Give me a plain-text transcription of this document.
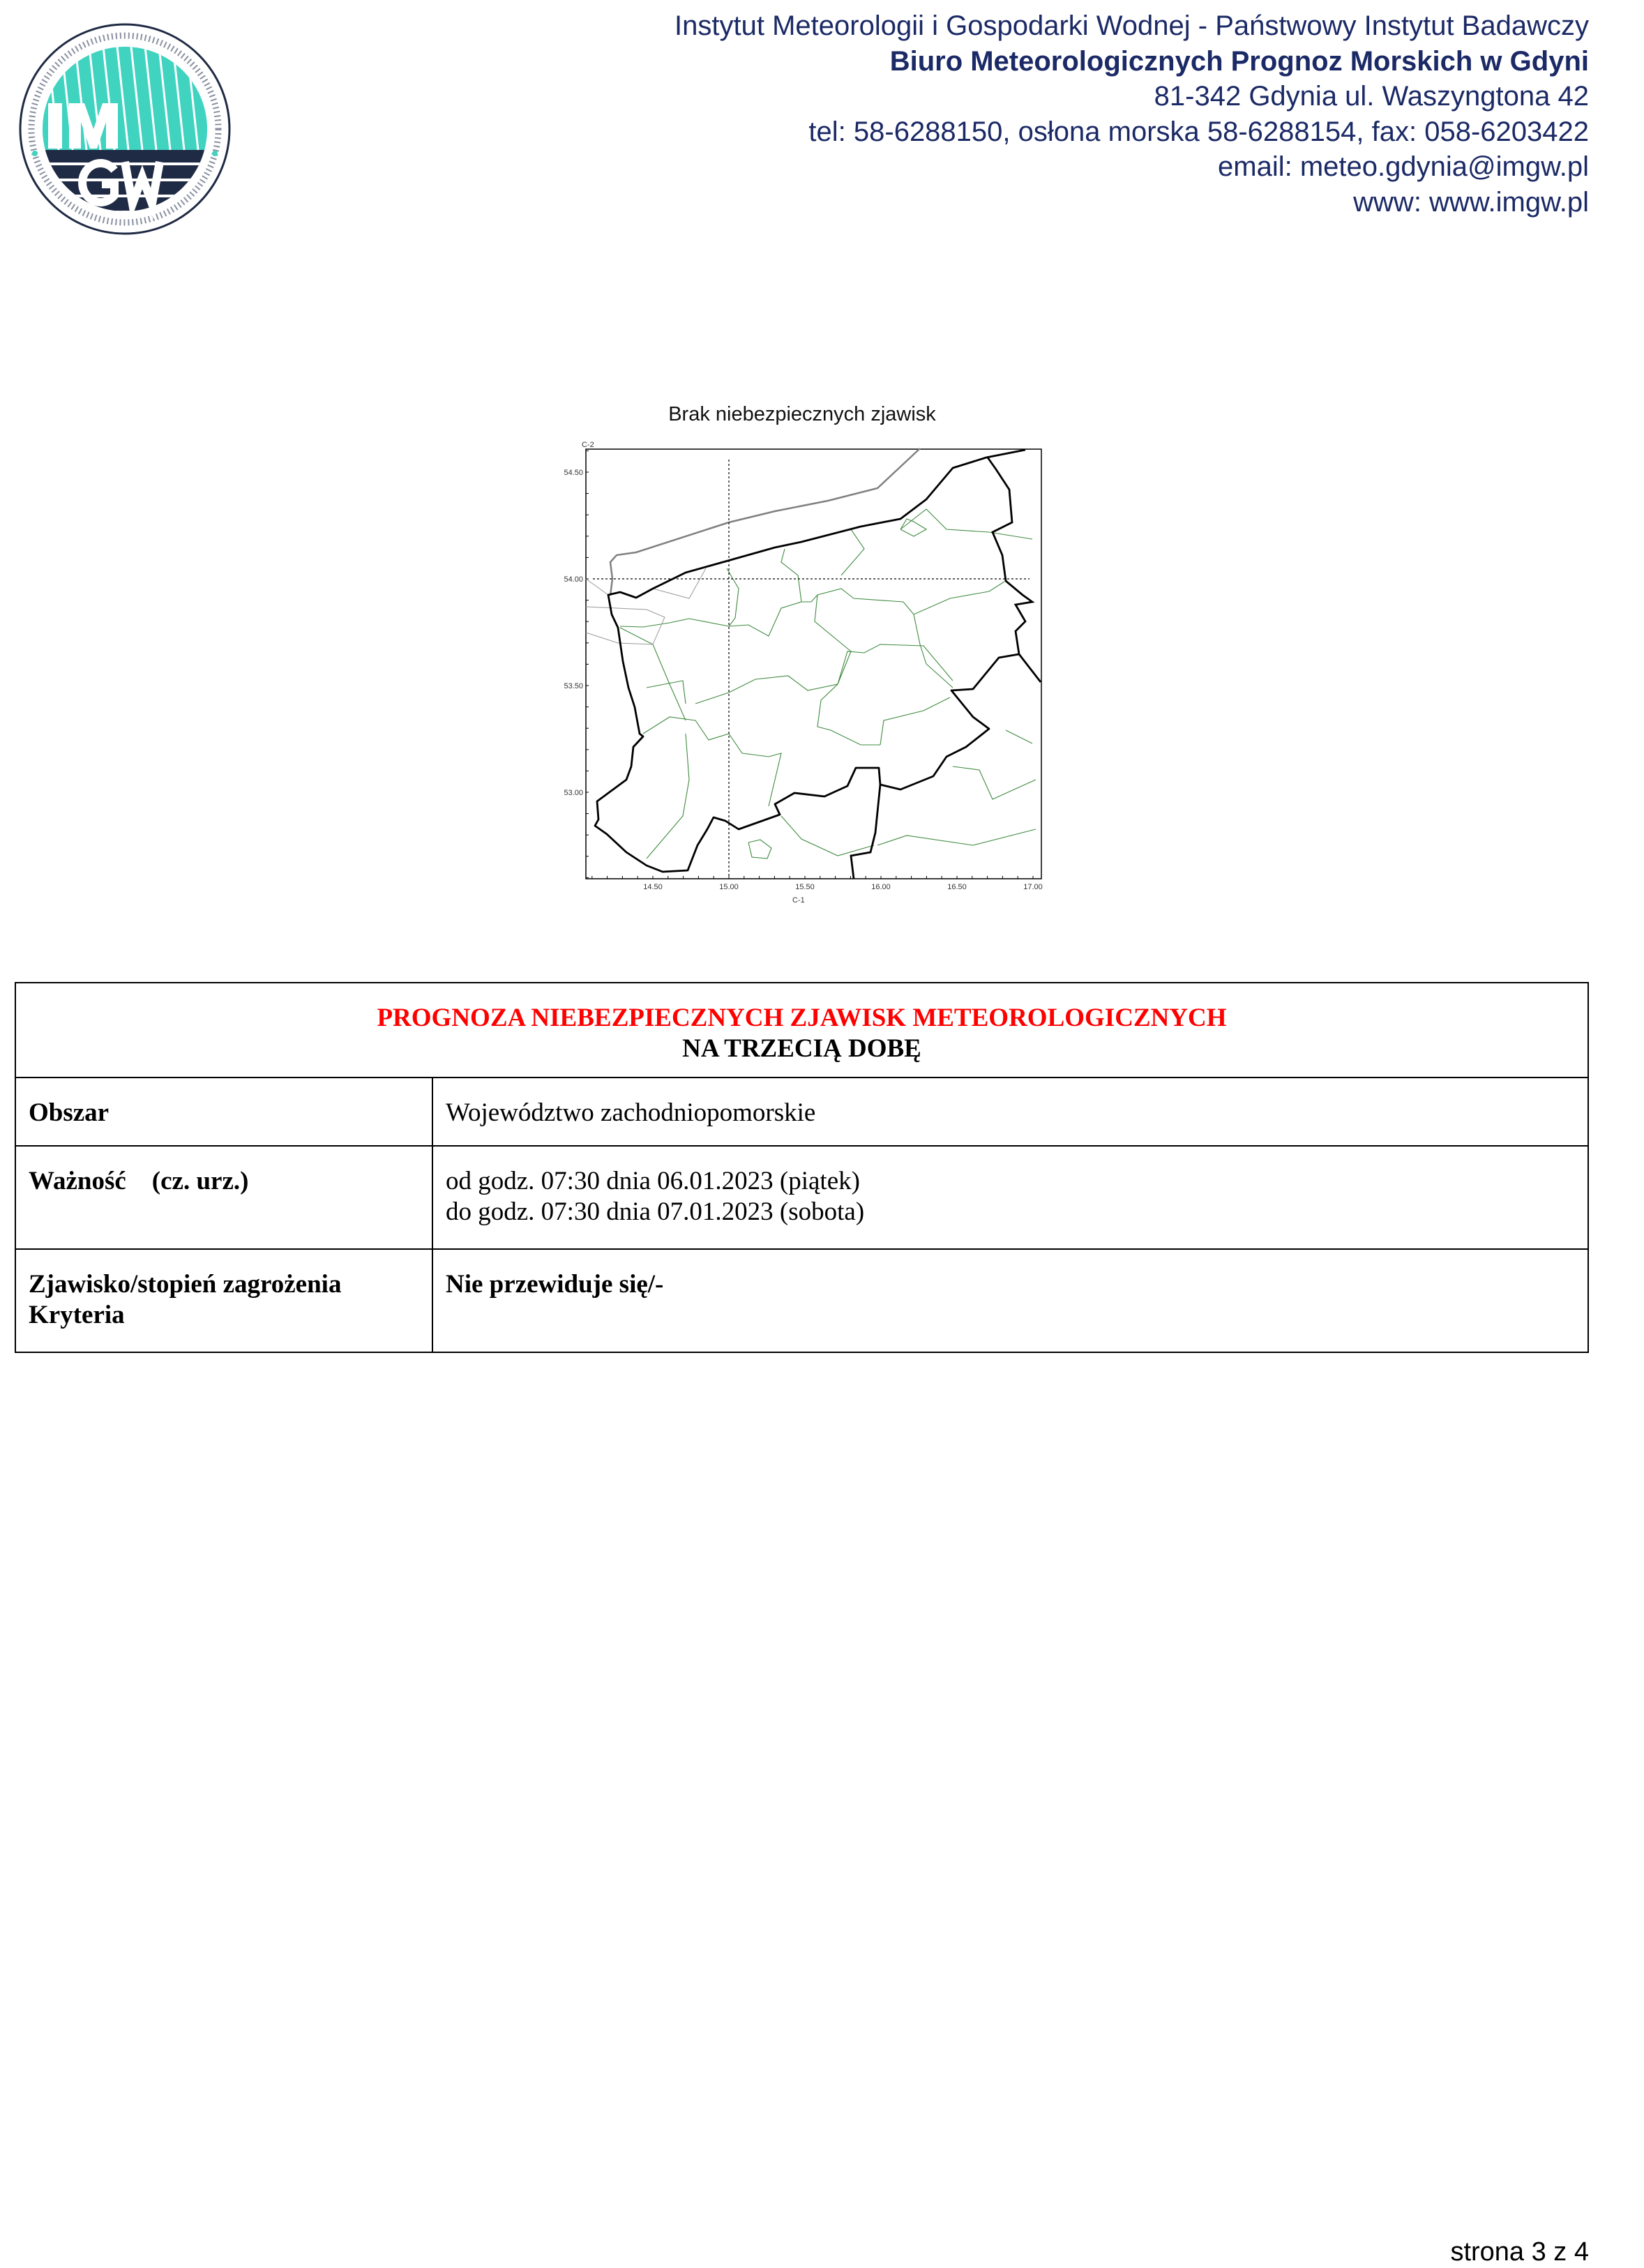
Instytut Meteorologii i Gospodarki Wodnej - Państwowy Instytut Badawczy
Biuro Meteorologicznych Prognoz Morskich w Gdyni
81-342 Gdynia ul. Waszyngtona 42
tel: 58-6288150, osłona morska 58-6288154, fax: 058-6203422
email: meteo.gdynia@imgw.pl
www: www.imgw.pl
Brak niebezpiecznych zjawisk
C-2
C-1
54.50
54.00
53.50
53.00
14.50	15.00	15.50	16.00	16.50	17.00
PROGNOZA NIEBEZPIECZNYCH ZJAWISK METEOROLOGICZNYCH
NA TRZECIĄ DOBĘ	

Obszar	Województwo zachodniopomorskie
Ważność    (cz. urz.)	od godz. 07:30 dnia 06.01.2023 (piątek)
do godz. 07:30 dnia 07.01.2023 (sobota)

Zjawisko/stopień zagrożenia
Kryteria	Nie przewiduje się/-
strona 3 z 4
